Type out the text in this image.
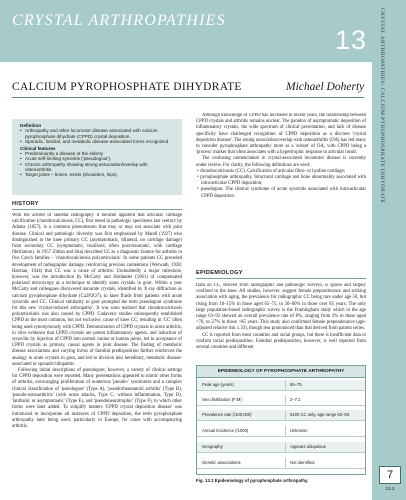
CRYSTAL ARTHROPATHIES
13 CRYSTAL ARTHROPATHIES: CALCIUM PYROPHOSPHATE DIHYDRATE
7
13.1
CALCIUM PYROPHOSPHATE DIHYDRATE	Michael Doherty
Definition
• Arthropathy and other locomotor disease associated with calcium pyrophosphate dihydrate (CPPD) crystal deposition.
• Sporadic, familial, and metabolic disease-associated forms recognized.
Clinical features
• Predominantly a disease of the elderly.
• Acute self-limiting synovitis ('pseudogout').
• Chronic arthropathy showing strong association/overlap with osteoarthritis.
• Target joints – knees, wrists (shoulders, hips).
HISTORY

With the advent of skeletal radiography it became apparent that articular cartilage calcification (chondrocalcinosis; CC), first noted in pathologic specimens last century by Adams (1857), is a common phenomenon that may or may not associate with joint disease. Clinical and pathologic diversity was first emphasized by Mandl (1927) who distinguished in the knee primary CC (asymptomatic, bilateral, no cartilage damage) from secondary CC (symptomatic, localized, often post-traumatic, with cartilage fibrillation). In 1957 Zitňan and Sitaj described CC as a diagnostic feature for arthritis in five Czech families – 'chondrocalcinosis polyarticularis'. In some patients CC preceded development of radiographic damage, reinforcing previous contentions (Werwath, 1928; Harman, 1944) that CC was a cause of arthritis. Undoubtedly a major milestone, however, was the introduction by McCarty and Hollander (1961) of compensated polarized microscopy as a technique to identify urate crystals in gout. Within a year McCarty and colleagues discovered nonurate crystals, identified by X-ray diffraction as calcium pyrophosphate dihydrate (Ca2P2O7), in knee fluids from patients with acute synovitis and CC. Clinical similarity to gout prompted the term pseudogout syndrome for this new 'crystal-induced arthropathy'. It was soon realized that chondrocalcinosis polyarticularis was also caused by CPPD. Cadaveric studies subsequently established CPPD as the most common, but not exclusive, cause of knee CC, resulting in 'CC' often being used synonymously with CPPD. Demonstration of CPPD crystals in acute arthritis, in vitro evidence that CPPD crystals are potent inflammatory agents, and induction of synovitis by injection of CPPD into normal canine or human joints, led to acceptance of CPPD crystals as primary, causal agents in joint disease. The finding of metabolic disease associations and varying forms of familial predisposition further reinforced the analogy to urate crystals in gout, and led to division into hereditary, metabolic disease-associated or sporadic/idiopathic.

Following initial descriptions of pseudogout, however, a variety of clinical settings for CPPD deposition were reported. Many presentations appeared to mimic other forms of arthritis, encouraging proliferation of numerous 'pseudo-' syndromes and a complex clinical classification of 'pseudogout' (Type A), 'pseudorheumatoid arthritis' (Type B), 'pseudo-osteoarthritis' (with acute attacks, Type C; without inflammation, Type D), 'lanthanic or asymptomatic' (Type E), and 'pseudoneurotrophic' (Type F), to which other forms were later added. To simplify matters 'CPPD crystal deposition disease' was introduced to incorporate all instances of CPPD deposition, the term pyrophosphate arthropathy later being used, particularly in Europe, for cases with accompanying arthritis.

Although knowledge of CPPD has increased in recent years, the relationship between CPPD crystals and arthritis remains unclear. The paradox of asymptomatic deposition of inflammatory crystals, the wide spectrum of clinical presentation, and lack of disease specificity have challenged recognition of CPPD deposition as a discrete 'crystal deposition disease'. The strong association/overlap with osteoarthritis (OA) has led many to consider pyrophosphate arthropathy more as a 'subset' of OA, with CPPD being a 'process' marker that often associates with a hypertrophic response to articular insult.

The confusing nomenclature in crystal-associated locomotor disease is currently under review. For clarity, the following definitions are used:

• chondrocalcinosis (CC). Calcification of articular fibro- or hyaline cartilage;
• pyrophosphate arthropathy. Structural cartilage and bone abnormality associated with intra-articular CPPD deposition;
• pseudogout. The clinical syndrome of acute synovitis associated with intra-articular CPPD deposition.
EPIDEMIOLOGY

Data on CC, derived from radiographic and pathologic surveys, is sparse and largely confined to the knee. All studies, however, suggest female preponderance and striking association with aging, the prevalence for radiographic CC being rare under age 50, but rising from 10–15% in those aged 65–75, to 30–60% in those over 85 years. The only large population-based radiographic survey is the Framingham study which in the age range 63–93 showed an overall prevalence rate of 8%, ranging from 3% in those aged <70, to 27% in those >85 years. This study also confirmed female preponderance (age-adjusted relative risk 1.33), though less pronounced than that derived from patient series.

CC is reported from most countries and racial groups, but there is insufficient data to confirm racial predisposition. Familial predisposition, however, is well reported from several countries and different

EPIDEMIOLOGY OF PYROPHOSPHATE ARTHROPATHY
Peak age (years)	65–75
Sex distribution (F:M)	2–7:1
Prevalence rate (/100,000)	6100 CC only, age range 63–93
Annual incidence (/1000)	Unknown
Geography	Appears ubiquitous
Genetic associations	Not identified
Fig. 13.1 Epidemiology of pyrophosphate arthropathy.
